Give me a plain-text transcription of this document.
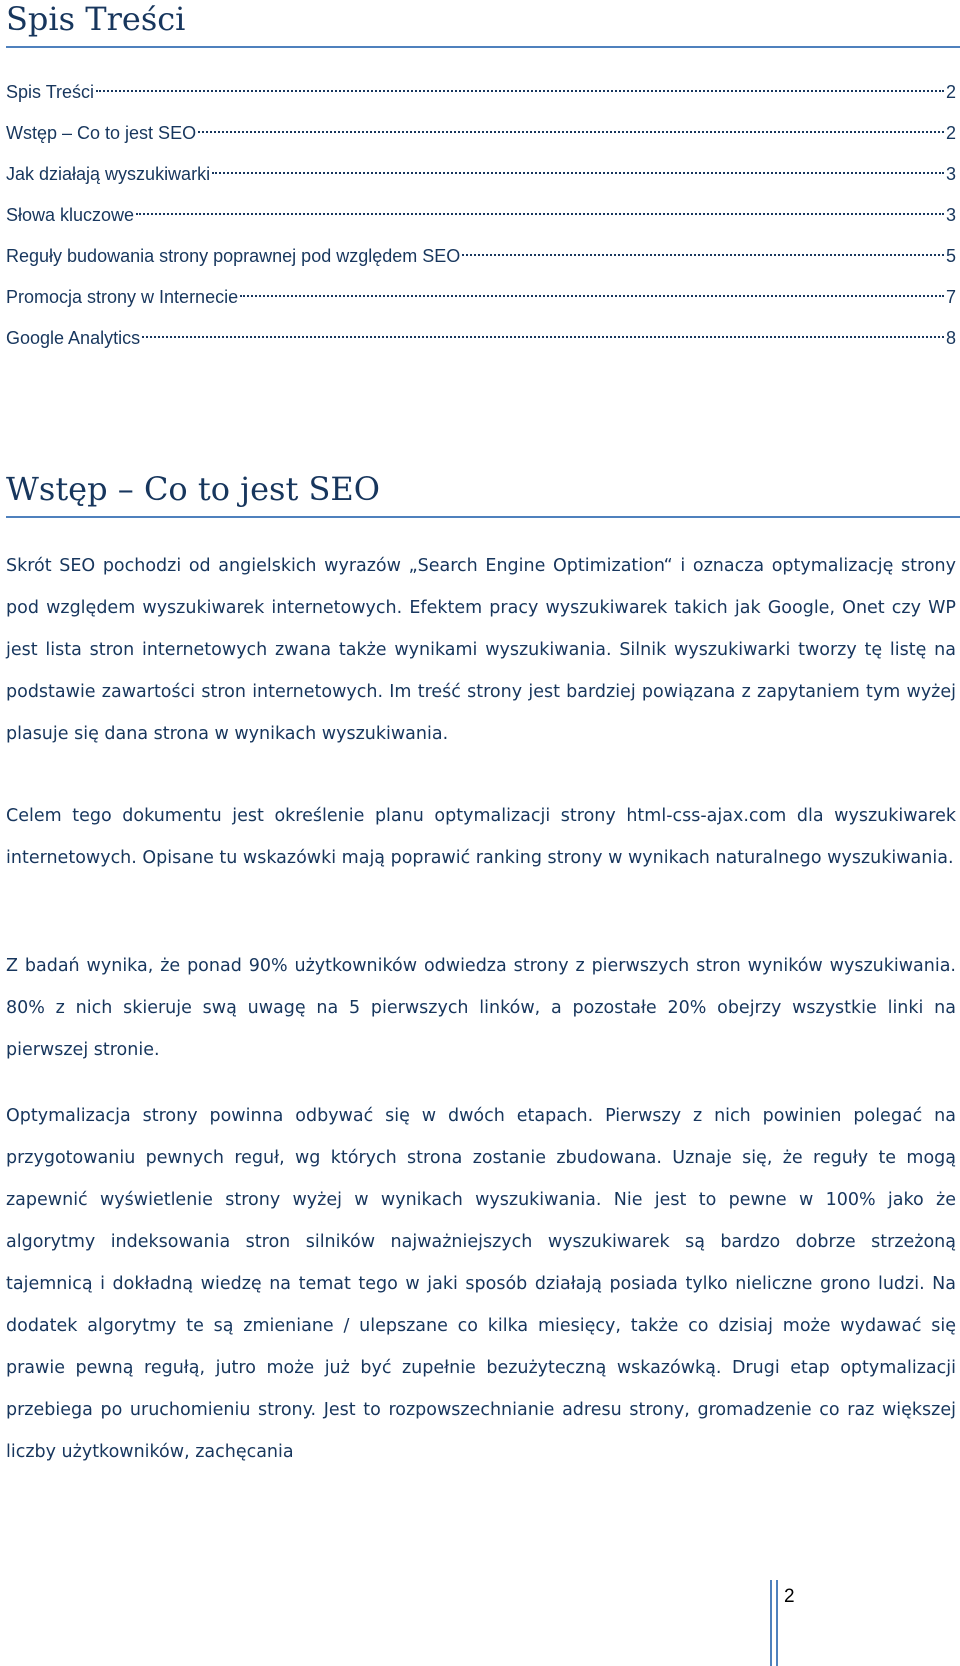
Spis Treści
Spis Treści	2
Wstęp – Co to jest SEO	2
Jak działają wyszukiwarki	3
Słowa kluczowe	3
Reguły budowania strony poprawnej pod względem SEO	5
Promocja strony w Internecie	7
Google Analytics	8
Wstęp – Co to jest SEO

Skrót SEO pochodzi od angielskich wyrazów „Search Engine Optimization“ i oznacza optymalizację strony pod względem wyszukiwarek internetowych. Efektem pracy wyszukiwarek takich jak Google, Onet czy WP jest lista stron internetowych zwana także wynikami wyszukiwania. Silnik wyszukiwarki tworzy tę listę na podstawie zawartości stron internetowych. Im treść strony jest bardziej powiązana z zapytaniem tym wyżej plasuje się dana strona w wynikach wyszukiwania.

Celem tego dokumentu jest określenie planu optymalizacji strony html-css-ajax.com dla wyszukiwarek internetowych. Opisane tu wskazówki mają poprawić ranking strony w wynikach naturalnego wyszukiwania.

Z badań wynika, że ponad 90% użytkowników odwiedza strony z pierwszych stron wyników wyszukiwania. 80% z nich skieruje swą uwagę na 5 pierwszych linków, a pozostałe 20% obejrzy wszystkie linki na pierwszej stronie.

Optymalizacja strony powinna odbywać się w dwóch etapach. Pierwszy z nich powinien polegać na przygotowaniu pewnych reguł, wg których strona zostanie zbudowana. Uznaje się, że reguły te mogą zapewnić wyświetlenie strony wyżej w wynikach wyszukiwania. Nie jest to pewne w 100% jako że algorytmy indeksowania stron silników najważniejszych wyszukiwarek są bardzo dobrze strzeżoną tajemnicą i dokładną wiedzę na temat tego w jaki sposób działają posiada tylko nieliczne grono ludzi. Na dodatek algorytmy te są zmieniane / ulepszane co kilka miesięcy, także co dzisiaj może wydawać się prawie pewną regułą, jutro może już być zupełnie bezużyteczną wskazówką. Drugi etap optymalizacji przebiega po uruchomieniu strony. Jest to rozpowszechnianie adresu strony, gromadzenie co raz większej liczby użytkowników, zachęcania

2
